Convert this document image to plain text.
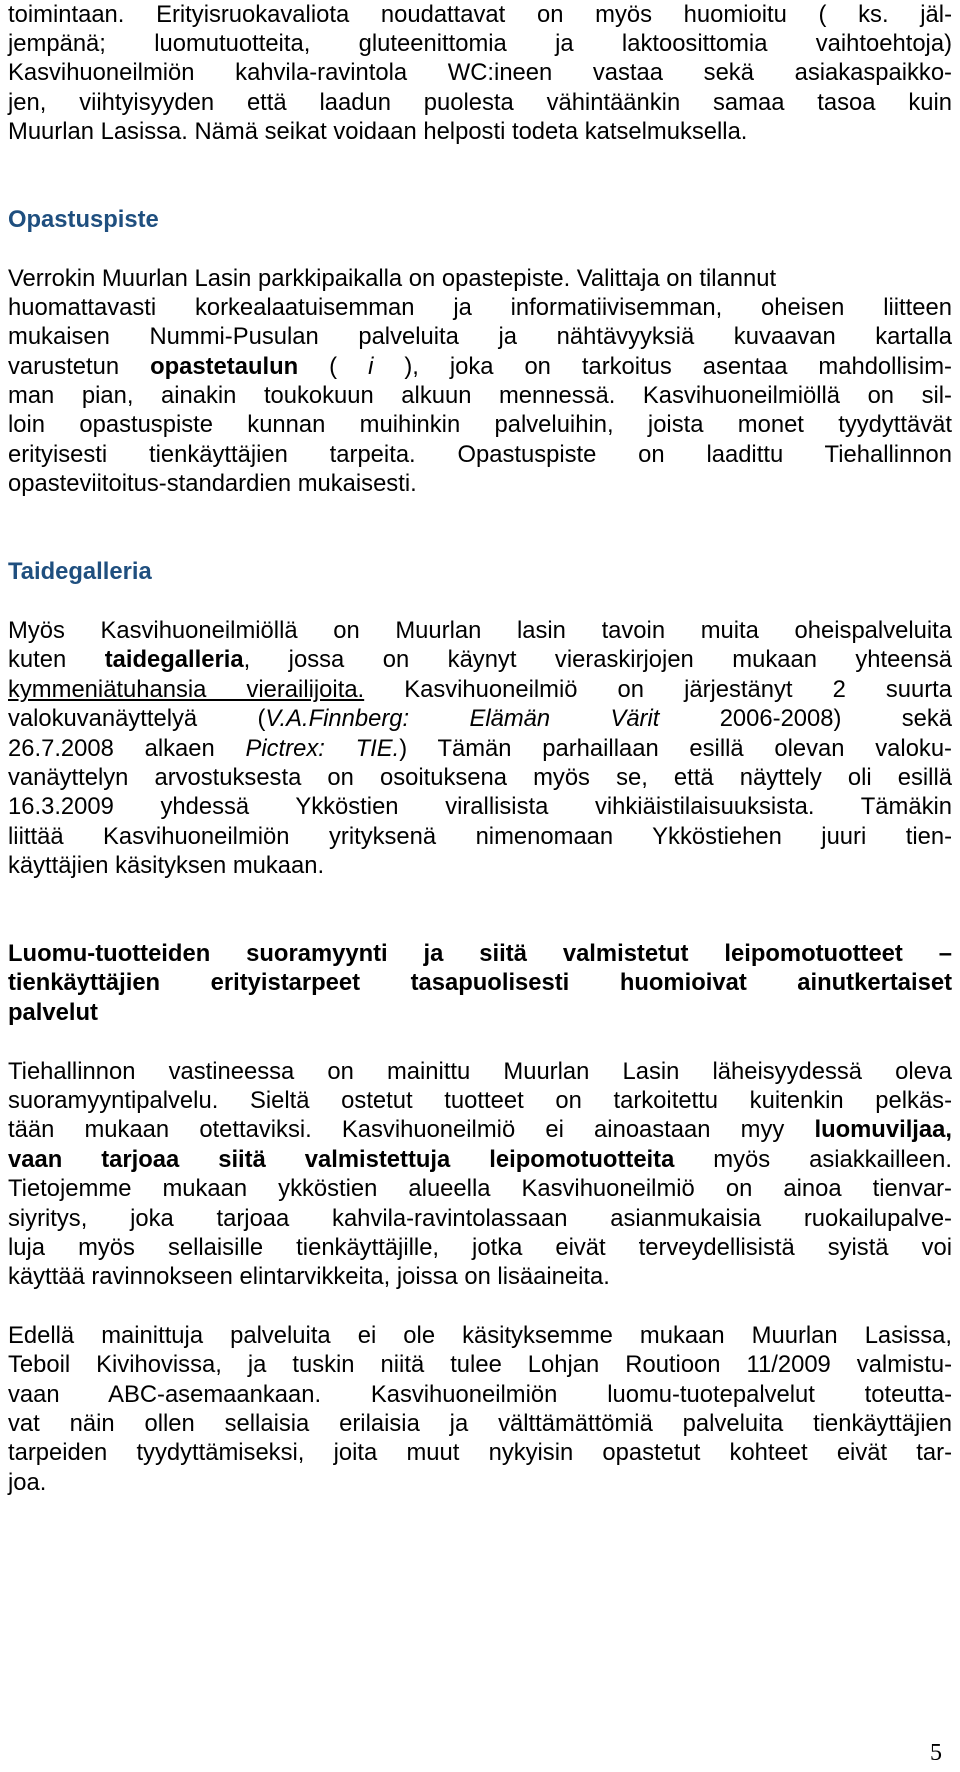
toimintaan. Erityisruokavaliota noudattavat on myös huomioitu ( ks. jäl-
jempänä; luomutuotteita, gluteenittomia ja laktoosittomia vaihtoehtoja)
Kasvihuoneilmiön kahvila-ravintola WC:ineen vastaa sekä asiakaspaikko-
jen, viihtyisyyden että laadun puolesta vähintäänkin samaa tasoa kuin
Muurlan Lasissa. Nämä seikat voidaan helposti todeta katselmuksella.
Opastuspiste
Verrokin Muurlan Lasin parkkipaikalla on opastepiste. Valittaja on tilannut
huomattavasti korkealaatuisemman ja informatiivisemman, oheisen liitteen
mukaisen Nummi-Pusulan palveluita ja nähtävyyksiä kuvaavan kartalla
varustetun opastetaulun ( i ), joka on tarkoitus asentaa mahdollisim-
man pian, ainakin toukokuun alkuun mennessä. Kasvihuoneilmiöllä on sil-
loin opastuspiste kunnan muihinkin palveluihin, joista monet tyydyttävät
erityisesti tienkäyttäjien tarpeita. Opastuspiste on laadittu Tiehallinnon
opasteviitoitus-standardien mukaisesti.
Taidegalleria
Myös Kasvihuoneilmiöllä on Muurlan lasin tavoin muita oheispalveluita
kuten taidegalleria, jossa on käynyt vieraskirjojen mukaan yhteensä
kymmeniätuhansia vierailijoita. Kasvihuoneilmiö on järjestänyt 2 suurta
valokuvanäyttelyä (V.A.Finnberg: Elämän Värit 2006-2008) sekä
26.7.2008 alkaen Pictrex: TIE.) Tämän parhaillaan esillä olevan valoku-
vanäyttelyn arvostuksesta on osoituksena myös se, että näyttely oli esillä
16.3.2009 yhdessä Ykköstien virallisista vihkiäistilaisuuksista. Tämäkin
liittää Kasvihuoneilmiön yrityksenä nimenomaan Ykköstiehen juuri tien-
käyttäjien käsityksen mukaan.
Luomu-tuotteiden suoramyynti ja siitä valmistetut leipomotuotteet –
tienkäyttäjien erityistarpeet tasapuolisesti huomioivat ainutkertaiset
palvelut
Tiehallinnon vastineessa on mainittu Muurlan Lasin läheisyydessä oleva
suoramyyntipalvelu. Sieltä ostetut tuotteet on tarkoitettu kuitenkin pelkäs-
tään mukaan otettaviksi. Kasvihuoneilmiö ei ainoastaan myy luomuviljaa,
vaan tarjoaa siitä valmistettuja leipomotuotteita myös asiakkailleen.
Tietojemme mukaan ykköstien alueella Kasvihuoneilmiö on ainoa tienvar-
siyritys, joka tarjoaa kahvila-ravintolassaan asianmukaisia ruokailupalve-
luja myös sellaisille tienkäyttäjille, jotka eivät terveydellisistä syistä voi
käyttää ravinnokseen elintarvikkeita, joissa on lisäaineita.
Edellä mainittuja palveluita ei ole käsityksemme mukaan Muurlan Lasissa,
Teboil Kivihovissa, ja tuskin niitä tulee Lohjan Routioon 11/2009 valmistu-
vaan ABC-asemaankaan. Kasvihuoneilmiön luomu-tuotepalvelut toteutta-
vat näin ollen sellaisia erilaisia ja välttämättömiä palveluita tienkäyttäjien
tarpeiden tyydyttämiseksi, joita muut nykyisin opastetut kohteet eivät tar-
joa.
5
